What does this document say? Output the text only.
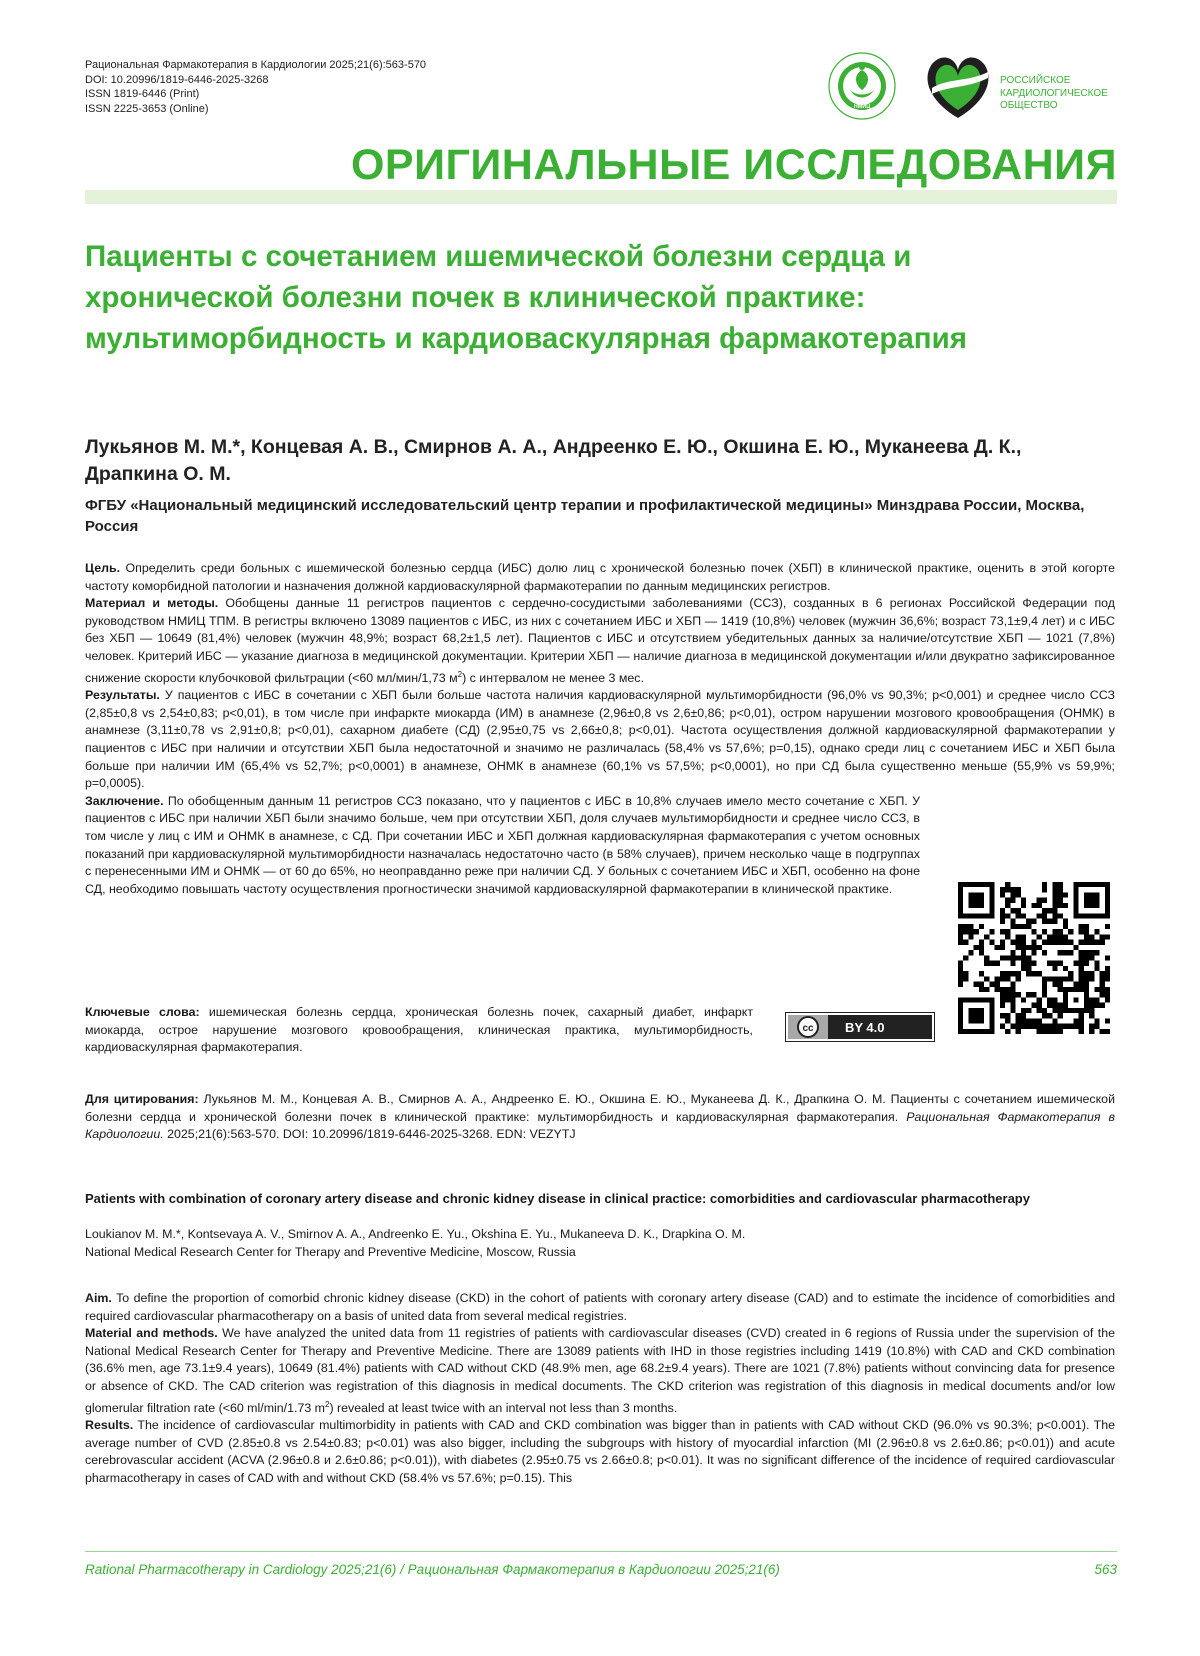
Рациональная Фармакотерапия в Кардиологии 2025;21(6):563-570
DOI: 10.20996/1819-6446-2025-3268
ISSN 1819-6446 (Print)
ISSN 2225-3653 (Online)	НМИЦ
РОССИЙСКОЕ
КАРДИОЛОГИЧЕСКОЕ
ОБЩЕСТВО
ОРИГИНАЛЬНЫЕ ИССЛЕДОВАНИЯ
Пациенты с сочетанием ишемической болезни сердца и хронической болезни почек в клинической практике: мультиморбидность и кардиоваскулярная фармакотерапия
Лукьянов М. М.*, Концевая А. В., Смирнов А. А., Андреенко Е. Ю., Окшина Е. Ю., Муканеева Д. К., Драпкина О. М.
ФГБУ «Национальный медицинский исследовательский центр терапии и профилактической медицины» Минздрава России, Москва, Россия

Цель. Определить среди больных с ишемической болезнью сердца (ИБС) долю лиц с хронической болезнью почек (ХБП) в клинической практике, оценить в этой когорте частоту коморбидной патологии и назначения должной кардиоваскулярной фармакотерапии по данным медицинских регистров.

Материал и методы. Обобщены данные 11 регистров пациентов с сердечно-сосудистыми заболеваниями (ССЗ), созданных в 6 регионах Российской Федерации под руководством НМИЦ ТПМ. В регистры включено 13089 пациентов с ИБС, из них с сочетанием ИБС и ХБП — 1419 (10,8%) человек (мужчин 36,6%; возраст 73,1±9,4 лет) и с ИБС без ХБП — 10649 (81,4%) человек (мужчин 48,9%; возраст 68,2±1,5 лет). Пациентов с ИБС и отсутствием убедительных данных за наличие/отсутствие ХБП — 1021 (7,8%) человек. Критерий ИБС — указание диагноза в медицинской документации. Критерии ХБП — наличие диагноза в медицинской документации и/или двукратно зафиксированное снижение скорости клубочковой фильтрации (<60 мл/мин/1,73 $м^2$) с интервалом не менее 3 мес.

Результаты. У пациентов с ИБС в сочетании с ХБП были больше частота наличия кардиоваскулярной мультиморбидности (96,0% vs 90,3%; p<0,001) и среднее число ССЗ (2,85±0,8 vs 2,54±0,83; p<0,01), в том числе при инфаркте миокарда (ИМ) в анамнезе (2,96±0,8 vs 2,6±0,86; p<0,01), остром нарушении мозгового кровообращения (ОНМК) в анамнезе (3,11±0,78 vs 2,91±0,8; p<0,01), сахарном диабете (СД) (2,95±0,75 vs 2,66±0,8; p<0,01). Частота осуществления должной кардиоваскулярной фармакотерапии у пациентов с ИБС при наличии и отсутствии ХБП была недостаточной и значимо не различалась (58,4% vs 57,6%; p=0,15), однако среди лиц с сочетанием ИБС и ХБП была больше при наличии ИМ (65,4% vs 52,7%; p<0,0001) в анамнезе, ОНМК в анамнезе (60,1% vs 57,5%; p<0,0001), но при СД была существенно меньше (55,9% vs 59,9%; p=0,0005).

Заключение. По обобщенным данным 11 регистров ССЗ показано, что у пациентов с ИБС в 10,8% случаев имело место сочетание с ХБП. У пациентов с ИБС при наличии ХБП были значимо больше, чем при отсутствии ХБП, доля случаев мультиморбидности и среднее число ССЗ, в том числе у лиц с ИМ и ОНМК в анамнезе, с СД. При сочетании ИБС и ХБП должная кардиоваскулярная фармакотерапия с учетом основных показаний при кардиоваскулярной мультиморбидности назначалась недостаточно часто (в 58% случаев), причем несколько чаще в подгруппах с перенесенными ИМ и ОНМК — от 60 до 65%, но неоправданно реже при наличии СД. У больных с сочетанием ИБС и ХБП, особенно на фоне СД, необходимо повышать частоту осуществления прогностически значимой кардиоваскулярной фармакотерапии в клинической практике.

cc BY 4.0
Ключевые слова: ишемическая болезнь сердца, хроническая болезнь почек, сахарный диабет, инфаркт миокарда, острое нарушение мозгового кровообращения, клиническая практика, мультиморбидность, кардиоваскулярная фармакотерапия.
Для цитирования: Лукьянов М. М., Концевая А. В., Смирнов А. А., Андреенко Е. Ю., Окшина Е. Ю., Муканеева Д. К., Драпкина О. М. Пациенты с сочетанием ишемической болезни сердца и хронической болезни почек в клинической практике: мультиморбидность и кардиоваскулярная фармакотерапия. Рациональная Фармакотерапия в Кардиологии. 2025;21(6):563-570. DOI: 10.20996/1819-6446-2025-3268. EDN: VEZYTJ
Patients with combination of coronary artery disease and chronic kidney disease in clinical practice: comorbidities and cardiovascular pharmacotherapy
Loukianov M. M.*, Kontsevaya A. V., Smirnov A. A., Andreenko E. Yu., Okshina E. Yu., Mukaneeva D. K., Drapkina O. M.
National Medical Research Center for Therapy and Preventive Medicine, Moscow, Russia

Aim. To define the proportion of comorbid chronic kidney disease (CKD) in the cohort of patients with coronary artery disease (CAD) and to estimate the incidence of comorbidities and required cardiovascular pharmacotherapy on a basis of united data from several medical registries.

Material and methods. We have analyzed the united data from 11 registries of patients with cardiovascular diseases (CVD) created in 6 regions of Russia under the supervision of the National Medical Research Center for Therapy and Preventive Medicine. There are 13089 patients with IHD in those registries including 1419 (10.8%) with CAD and CKD combination (36.6% men, age 73.1±9.4 years), 10649 (81.4%) patients with CAD without CKD (48.9% men, age 68.2±9.4 years). There are 1021 (7.8%) patients without convincing data for presence or absence of CKD. The CAD criterion was registration of this diagnosis in medical documents. The CKD criterion was registration of this diagnosis in medical documents and/or low glomerular filtration rate (<60 ml/min/1.73 $m^2$) revealed at least twice with an interval not less than 3 months.

Results. The incidence of cardiovascular multimorbidity in patients with CAD and CKD combination was bigger than in patients with CAD without CKD (96.0% vs 90.3%; p<0.001). The average number of CVD (2.85±0.8 vs 2.54±0.83; p<0.01) was also bigger, including the subgroups with history of myocardial infarction (MI (2.96±0.8 vs 2.6±0.86; p<0.01)) and acute cerebrovascular accident (ACVA (2.96±0.8 и 2.6±0.86; p<0.01)), with diabetes (2.95±0.75 vs 2.66±0.8; p<0.01). It was no significant difference of the incidence of required cardiovascular pharmacotherapy in cases of CAD with and without CKD (58.4% vs 57.6%; p=0.15). This

Rational Pharmacotherapy in Cardiology 2025;21(6) / Рациональная Фармакотерапия в Кардиологии 2025;21(6)	563
